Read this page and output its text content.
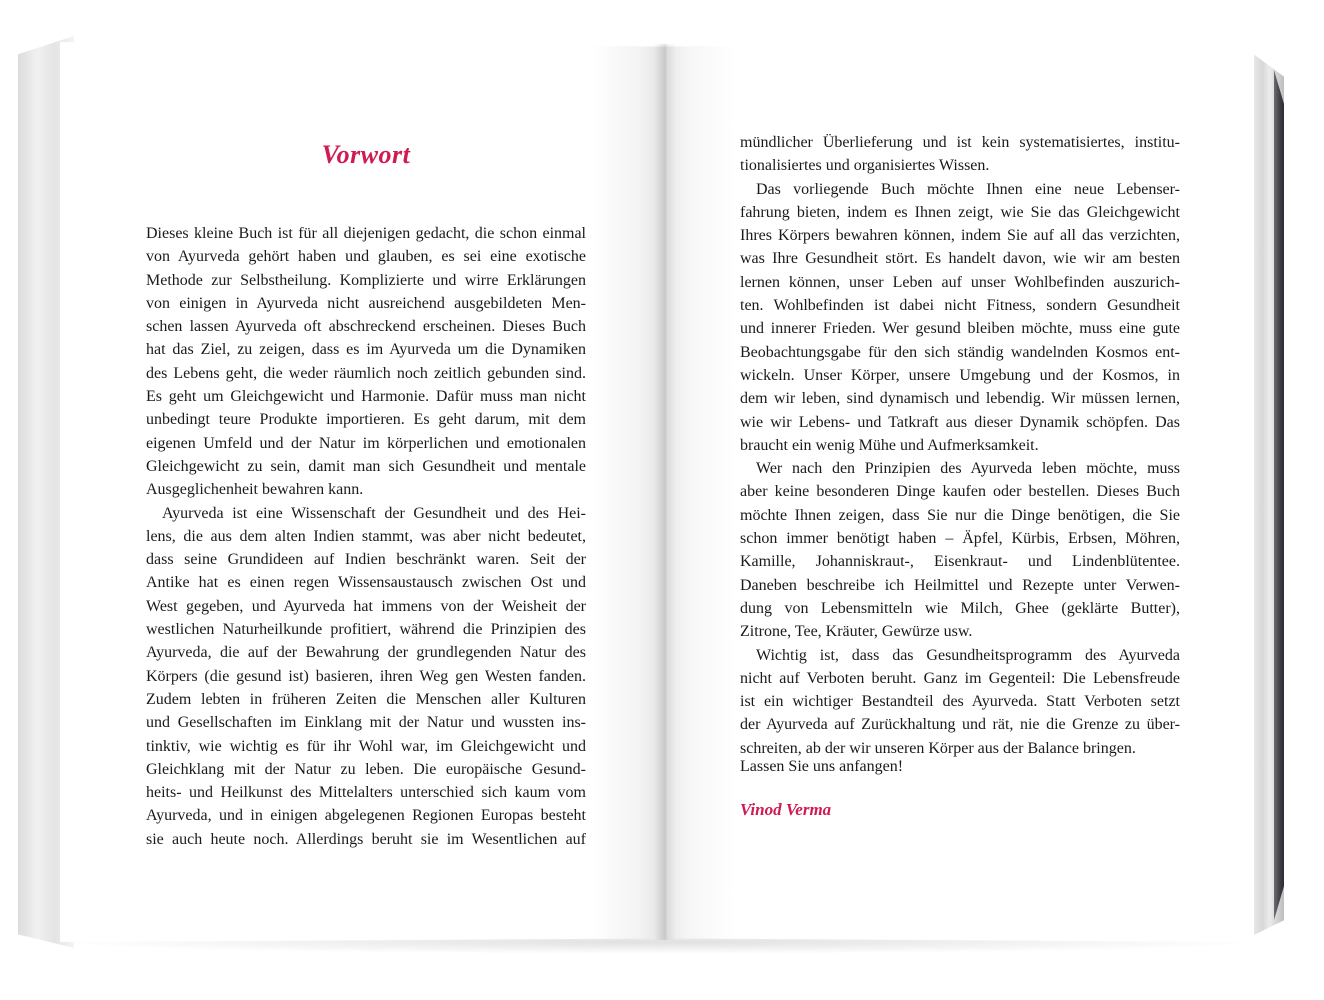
Vorwort
Dieses kleine Buch ist für all diejenigen gedacht, die schon einmal
von Ayurveda gehört haben und glauben, es sei eine exotische
Methode zur Selbstheilung. Komplizierte und wirre Erklärungen
von einigen in Ayurveda nicht ausreichend ausgebildeten Men-
schen lassen Ayurveda oft abschreckend erscheinen. Dieses Buch
hat das Ziel, zu zeigen, dass es im Ayurveda um die Dynamiken
des Lebens geht, die weder räumlich noch zeitlich gebunden sind.
Es geht um Gleichgewicht und Harmonie. Dafür muss man nicht
unbedingt teure Produkte importieren. Es geht darum, mit dem
eigenen Umfeld und der Natur im körperlichen und emotionalen
Gleichgewicht zu sein, damit man sich Gesundheit und mentale
Ausgeglichenheit bewahren kann.
Ayurveda ist eine Wissenschaft der Gesundheit und des Hei-
lens, die aus dem alten Indien stammt, was aber nicht bedeutet,
dass seine Grundideen auf Indien beschränkt waren. Seit der
Antike hat es einen regen Wissensaustausch zwischen Ost und
West gegeben, und Ayurveda hat immens von der Weisheit der
westlichen Naturheilkunde profitiert, während die Prinzipien des
Ayurveda, die auf der Bewahrung der grundlegenden Natur des
Körpers (die gesund ist) basieren, ihren Weg gen Westen fanden.
Zudem lebten in früheren Zeiten die Menschen aller Kulturen
und Gesellschaften im Einklang mit der Natur und wussten ins-
tinktiv, wie wichtig es für ihr Wohl war, im Gleichgewicht und
Gleichklang mit der Natur zu leben. Die europäische Gesund-
heits- und Heilkunst des Mittelalters unterschied sich kaum vom
Ayurveda, und in einigen abgelegenen Regionen Europas besteht
sie auch heute noch. Allerdings beruht sie im Wesentlichen auf
mündlicher Überlieferung und ist kein systematisiertes, institu-
tionalisiertes und organisiertes Wissen.
Das vorliegende Buch möchte Ihnen eine neue Lebenser-
fahrung bieten, indem es Ihnen zeigt, wie Sie das Gleichgewicht
Ihres Körpers bewahren können, indem Sie auf all das verzichten,
was Ihre Gesundheit stört. Es handelt davon, wie wir am besten
lernen können, unser Leben auf unser Wohlbefinden auszurich-
ten. Wohlbefinden ist dabei nicht Fitness, sondern Gesundheit
und innerer Frieden. Wer gesund bleiben möchte, muss eine gute
Beobachtungsgabe für den sich ständig wandelnden Kosmos ent-
wickeln. Unser Körper, unsere Umgebung und der Kosmos, in
dem wir leben, sind dynamisch und lebendig. Wir müssen lernen,
wie wir Lebens- und Tatkraft aus dieser Dynamik schöpfen. Das
braucht ein wenig Mühe und Aufmerksamkeit.
Wer nach den Prinzipien des Ayurveda leben möchte, muss
aber keine besonderen Dinge kaufen oder bestellen. Dieses Buch
möchte Ihnen zeigen, dass Sie nur die Dinge benötigen, die Sie
schon immer benötigt haben – Äpfel, Kürbis, Erbsen, Möhren,
Kamille, Johanniskraut-, Eisenkraut- und Lindenblütentee.
Daneben beschreibe ich Heilmittel und Rezepte unter Verwen-
dung von Lebensmitteln wie Milch, Ghee (geklärte Butter),
Zitrone, Tee, Kräuter, Gewürze usw.
Wichtig ist, dass das Gesundheitsprogramm des Ayurveda
nicht auf Verboten beruht. Ganz im Gegenteil: Die Lebensfreude
ist ein wichtiger Bestandteil des Ayurveda. Statt Verboten setzt
der Ayurveda auf Zurückhaltung und rät, nie die Grenze zu über-
schreiten, ab der wir unseren Körper aus der Balance bringen.

Lassen Sie uns anfangen!

Vinod Verma
